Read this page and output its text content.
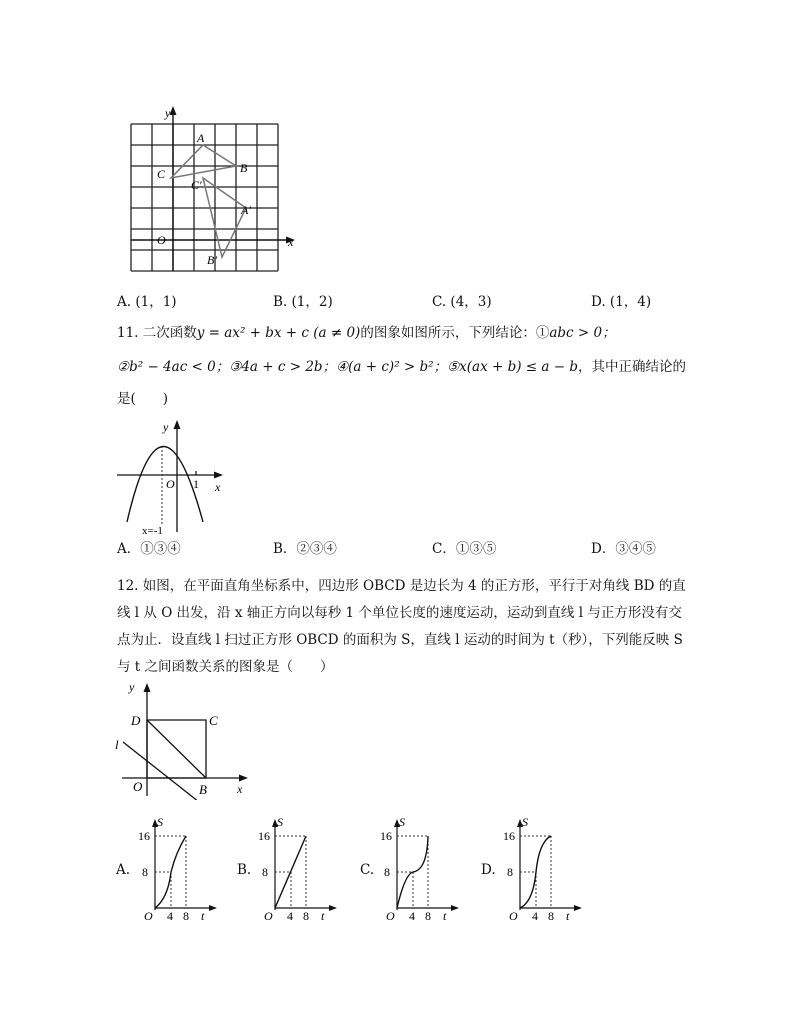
y
x
A
B
C
C′
A′
B′
O
A. (1，1)	B. (1，2)	C. (4，3)	D. (1，4)
11. 二次函数y = ax² + bx + c (a ≠ 0)的图象如图所示，下列结论：①abc > 0；
②b² − 4ac < 0；③4a + c > 2b；④(a + c)² > b²；⑤x(ax + b) ≤ a − b，其中正确结论的
是(　　)
y
x
O 1
x=-1
A．①③④	B．②③④	C．①③⑤	D．③④⑤
12. 如图，在平面直角坐标系中，四边形 OBCD 是边长为 4 的正方形，平行于对角线 BD 的直
线 l 从 O 出发，沿 x 轴正方向以每秒 1 个单位长度的速度运动，运动到直线 l 与正方形没有交
点为止．设直线 l 扫过正方形 OBCD 的面积为 S，直线 l 运动的时间为 t（秒），下列能反映 S
与 t 之间函数关系的图象是（　　）
y
x
D	C
B
O
l
A.
S
16
8
O 4 8 t
B.
S
16
8
O 4 8 t
C.
S
16
8
O 4 8 t
D.
S
16
8
O 4 8 t
